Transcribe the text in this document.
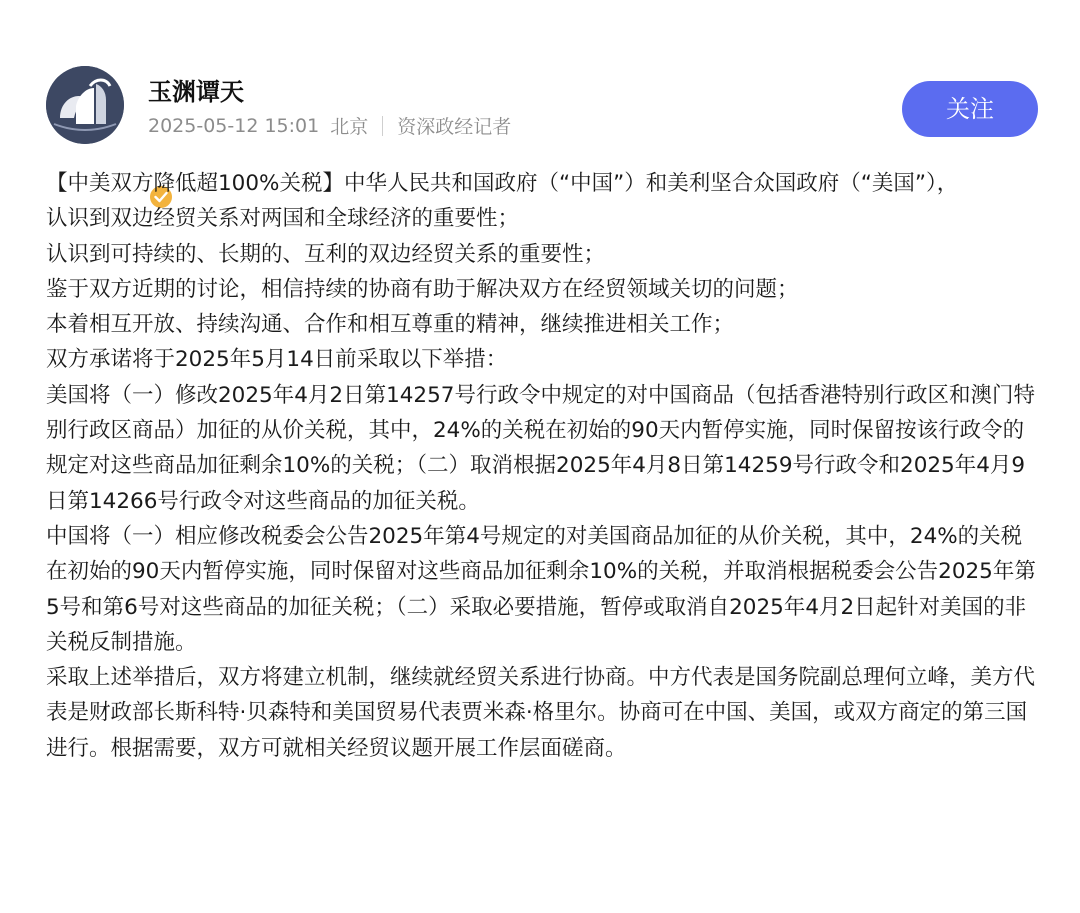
玉渊谭天
2025-05-12 15:01 北京 资深政经记者
关注

【中美双方降低超100%关税】中华人民共和国政府（“中国”）和美利坚合众国政府（“美国”），

认识到双边经贸关系对两国和全球经济的重要性；

认识到可持续的、长期的、互利的双边经贸关系的重要性；

鉴于双方近期的讨论，相信持续的协商有助于解决双方在经贸领域关切的问题；

本着相互开放、持续沟通、合作和相互尊重的精神，继续推进相关工作；

双方承诺将于2025年5月14日前采取以下举措：

美国将（一）修改2025年4月2日第14257号行政令中规定的对中国商品（包括香港特别行政区和澳门特别行政区商品）加征的从价关税，其中，24%的关税在初始的90天内暂停实施，同时保留按该行政令的规定对这些商品加征剩余10%的关税；（二）取消根据2025年4月8日第14259号行政令和2025年4月9日第14266号行政令对这些商品的加征关税。

中国将（一）相应修改税委会公告2025年第4号规定的对美国商品加征的从价关税，其中，24%的关税在初始的90天内暂停实施，同时保留对这些商品加征剩余10%的关税，并取消根据税委会公告2025年第5号和第6号对这些商品的加征关税；（二）采取必要措施，暂停或取消自2025年4月2日起针对美国的非关税反制措施。

采取上述举措后，双方将建立机制，继续就经贸关系进行协商。中方代表是国务院副总理何立峰，美方代表是财政部长斯科特·贝森特和美国贸易代表贾米森·格里尔。协商可在中国、美国，或双方商定的第三国进行。根据需要，双方可就相关经贸议题开展工作层面磋商。
